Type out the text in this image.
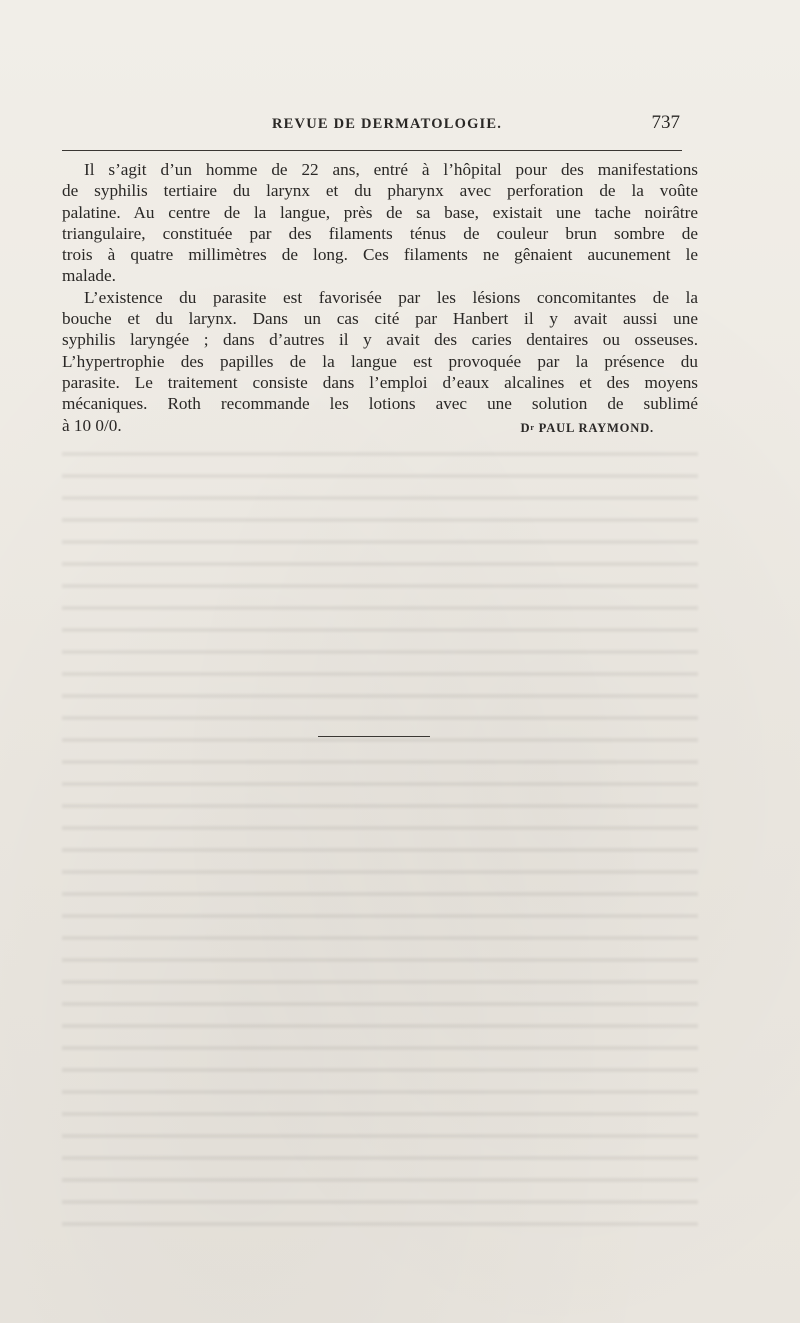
REVUE DE DERMATOLOGIE.	737

Il s’agit d’un homme de 22 ans, entré à l’hôpital pour des manifestations
de syphilis tertiaire du larynx et du pharynx avec perforation de la voûte
palatine. Au centre de la langue, près de sa base, existait une tache noirâtre
triangulaire, constituée par des filaments ténus de couleur brun sombre de
trois à quatre millimètres de long. Ces filaments ne gênaient aucunement le
malade.

L’existence du parasite est favorisée par les lésions concomitantes de la
bouche et du larynx. Dans un cas cité par Hanbert il y avait aussi une
syphilis laryngée ; dans d’autres il y avait des caries dentaires ou osseuses.
L’hypertrophie des papilles de la langue est provoquée par la présence du
parasite. Le traitement consiste dans l’emploi d’eaux alcalines et des moyens
mécaniques. Roth recommande les lotions avec une solution de sublimé

à 10 0/0.	$D^r$ PAUL RAYMOND.
